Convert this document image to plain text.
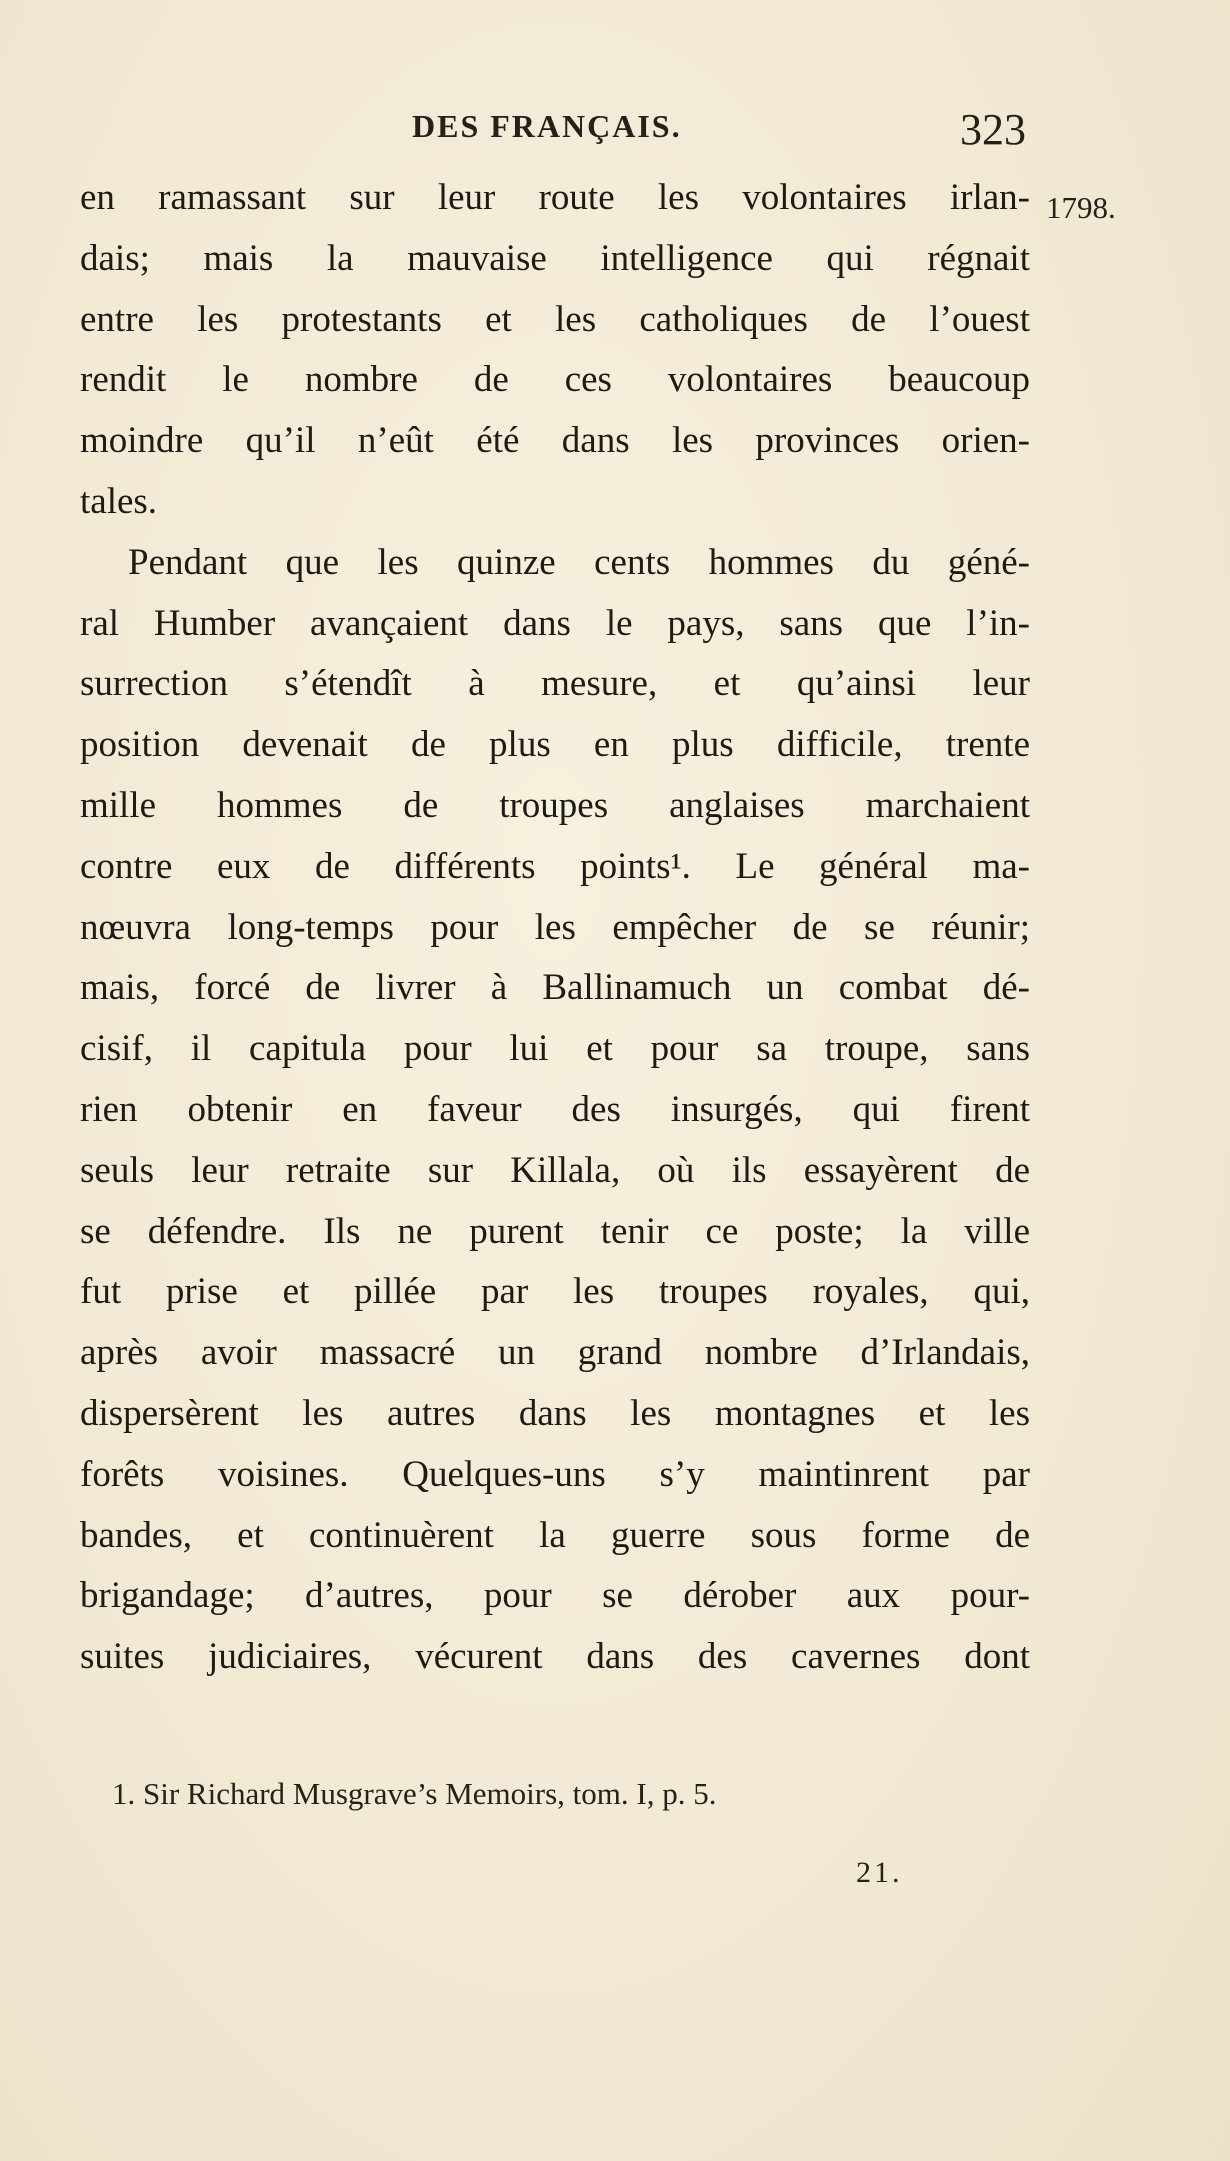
DES FRANÇAIS.	323
1798.
en ramassant sur leur route les volontaires irlan-
dais; mais la mauvaise intelligence qui régnait
entre les protestants et les catholiques de l’ouest
rendit le nombre de ces volontaires beaucoup
moindre qu’il n’eût été dans les provinces orien-
tales.
Pendant que les quinze cents hommes du géné-
ral Humber avançaient dans le pays, sans que l’in-
surrection s’étendît à mesure, et qu’ainsi leur
position devenait de plus en plus difficile, trente
mille hommes de troupes anglaises marchaient
contre eux de différents points¹. Le général ma-
nœuvra long-temps pour les empêcher de se réunir;
mais, forcé de livrer à Ballinamuch un combat dé-
cisif, il capitula pour lui et pour sa troupe, sans
rien obtenir en faveur des insurgés, qui firent
seuls leur retraite sur Killala, où ils essayèrent de
se défendre. Ils ne purent tenir ce poste; la ville
fut prise et pillée par les troupes royales, qui,
après avoir massacré un grand nombre d’Irlandais,
dispersèrent les autres dans les montagnes et les
forêts voisines. Quelques-uns s’y maintinrent par
bandes, et continuèrent la guerre sous forme de
brigandage; d’autres, pour se dérober aux pour-
suites judiciaires, vécurent dans des cavernes dont
1. Sir Richard Musgrave’s Memoirs, tom. I, p. 5.
21.
